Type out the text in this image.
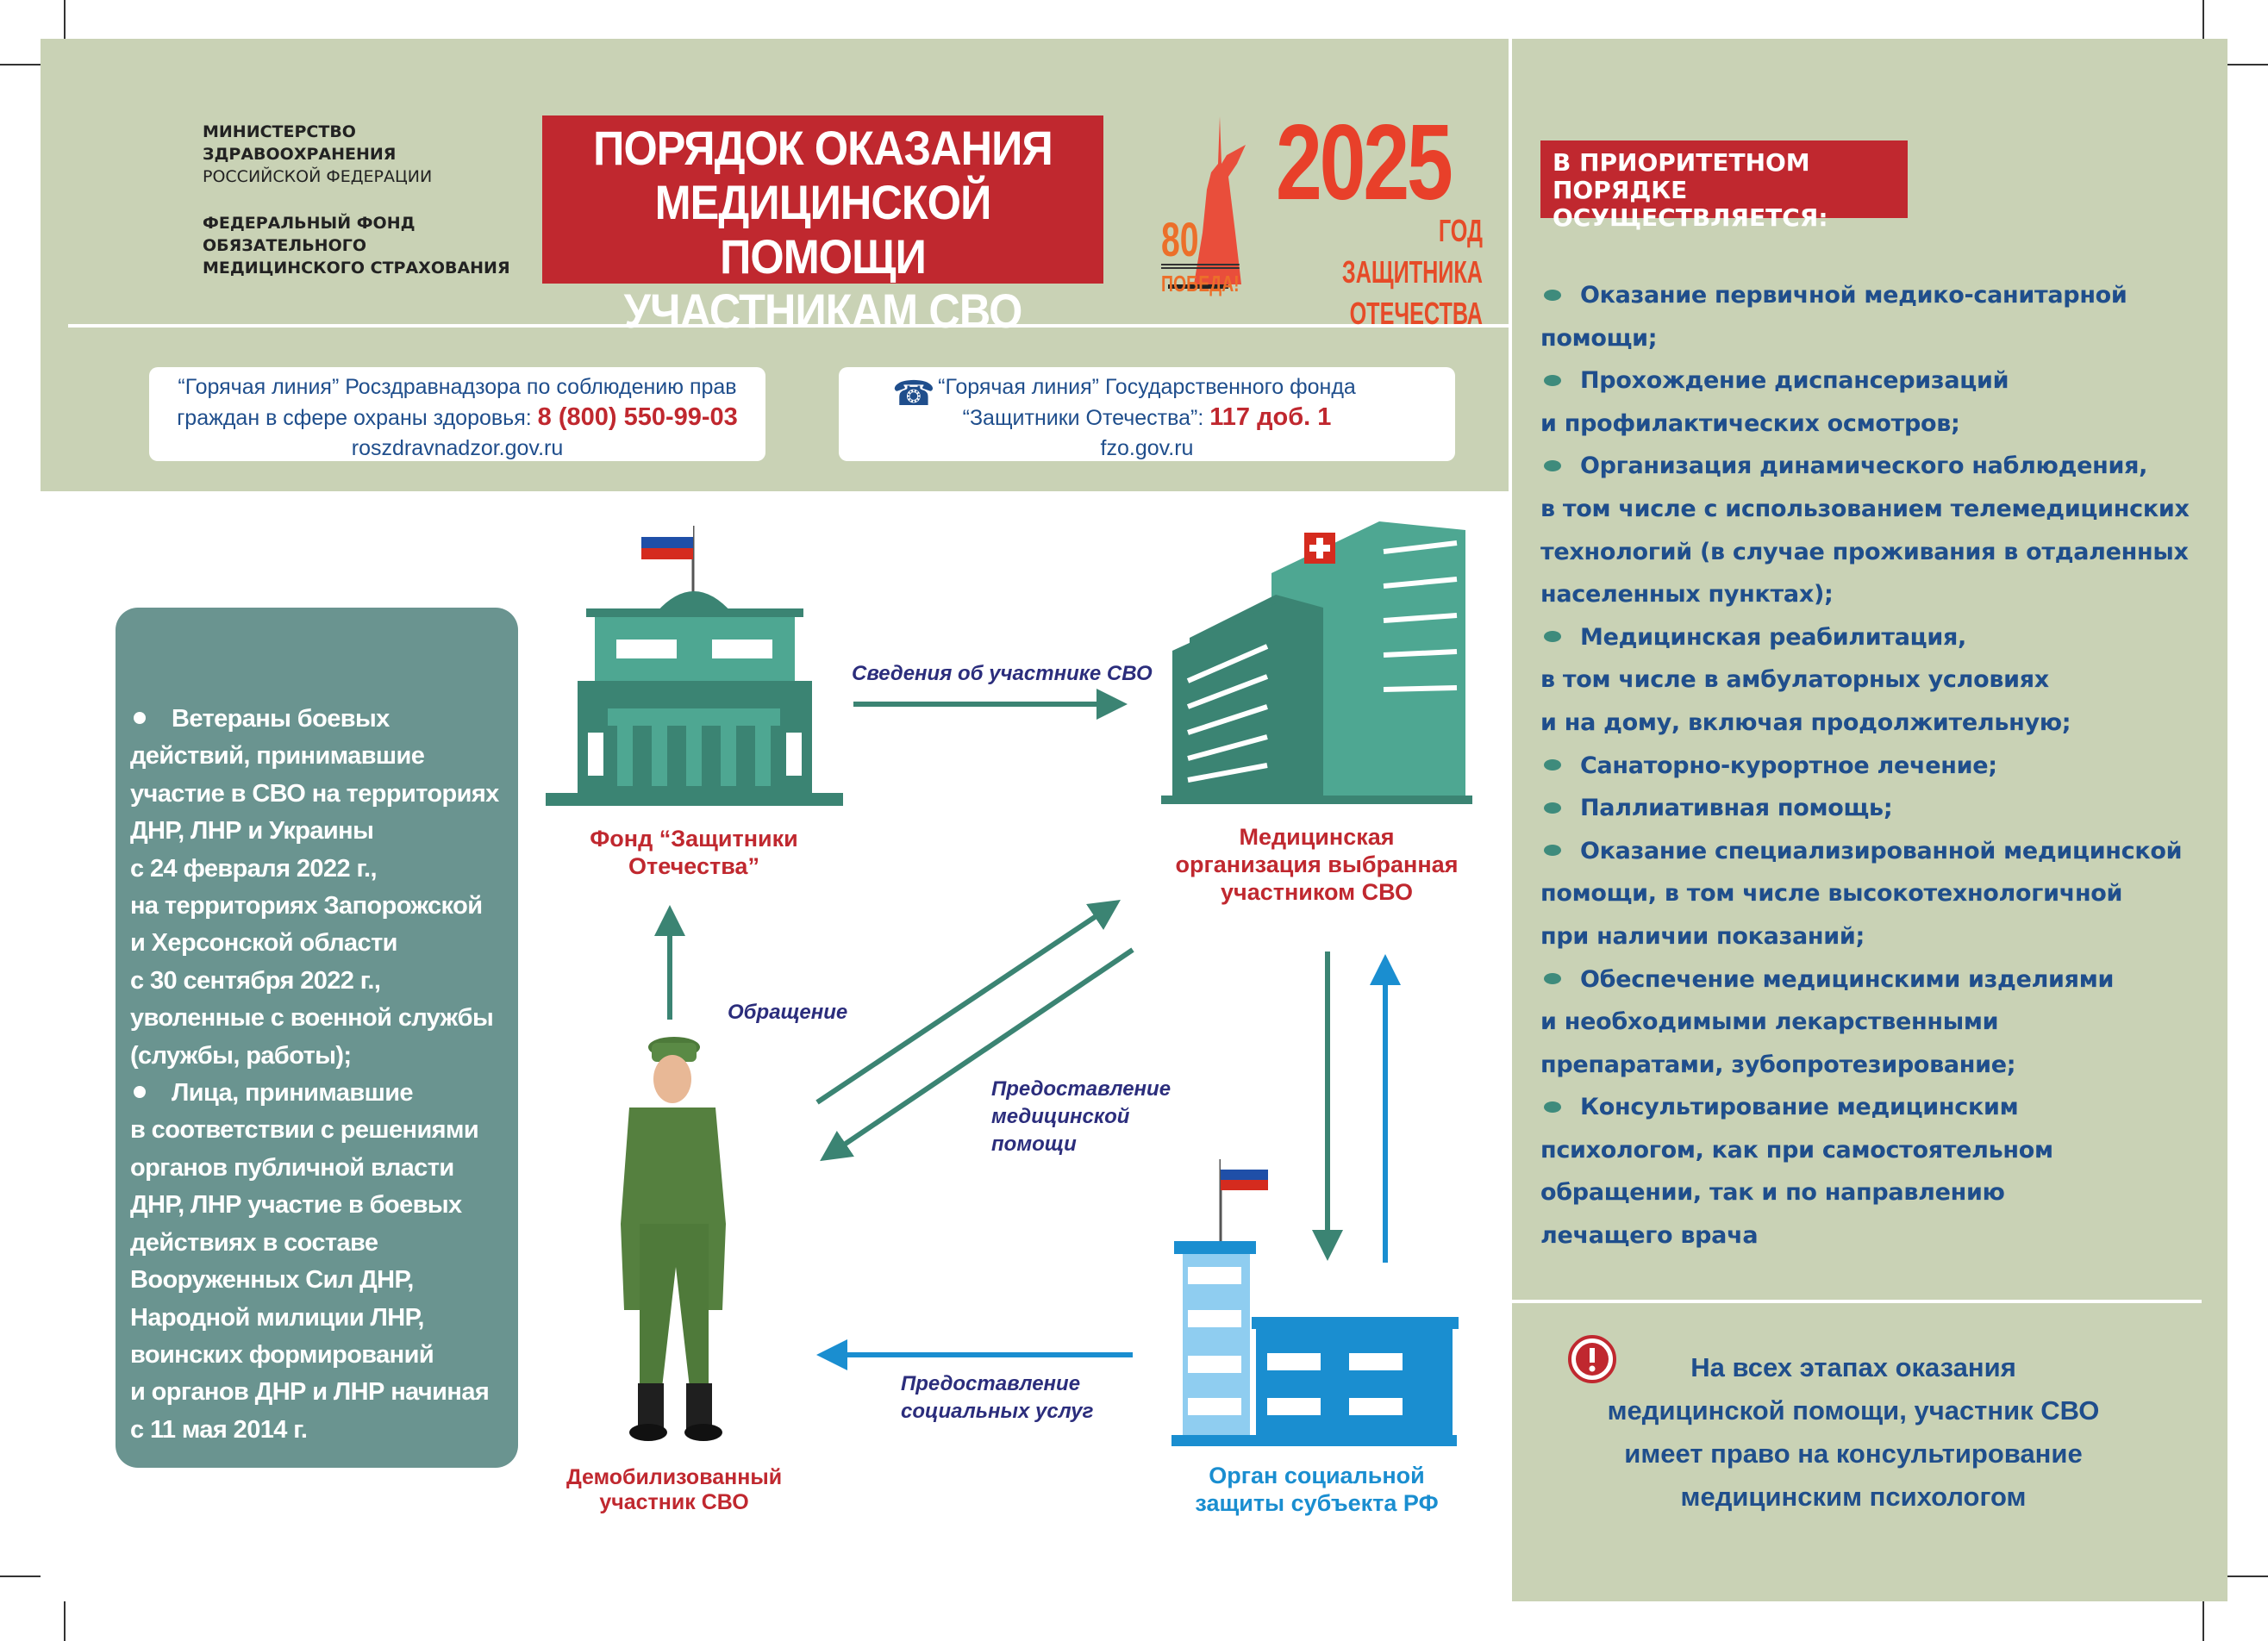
МИНИСТЕРСТВО
ЗДРАВООХРАНЕНИЯ
РОССИЙСКОЙ ФЕДЕРАЦИИ
ФЕДЕРАЛЬНЫЙ ФОНД
ОБЯЗАТЕЛЬНОГО
МЕДИЦИНСКОГО СТРАХОВАНИЯ
ПОРЯДОК ОКАЗАНИЯ
МЕДИЦИНСКОЙ ПОМОЩИ
УЧАСТНИКАМ СВО
80
ПОБЕДА!
2025
ГОД ЗАЩИТНИКА
ОТЕЧЕСТВА
“Горячая линия” Росздравнадзора по соблюдению прав
граждан в сфере охраны здоровья: 8 (800) 550-99-03
roszdravnadzor.gov.ru
☎ “Горячая линия” Государственного фонда
“Защитники Отечества”: 117 доб. 1
fzo.gov.ru
В ПРИОРИТЕТНОМ ПОРЯДКЕ
ОСУЩЕСТВЛЯЕТСЯ:
Оказание первичной медико-санитарной
помощи;
Прохождение диспансеризаций
и профилактических осмотров;
Организация динамического наблюдения,
в том числе с использованием телемедицинских
технологий (в случае проживания в отдаленных
населенных пунктах);
Медицинская реабилитация,
в том числе в амбулаторных условиях
и на дому, включая продолжительную;
Санаторно-курортное лечение;
Паллиативная помощь;
Оказание специализированной медицинской
помощи, в том числе высокотехнологичной
при наличии показаний;
Обеспечение медицинскими изделиями
и необходимыми лекарственными
препаратами, зубопротезирование;
Консультирование медицинским
психологом, как при самостоятельном
обращении, так и по направлению
лечащего врача
На всех этапах оказания
медицинской помощи, участник СВО
имеет право на консультирование
медицинским психологом
Ветераны боевых
действий, принимавшие
участие в СВО на территориях
ДНР, ЛНР и Украины
с 24 февраля 2022 г.,
на территориях Запорожской
и Херсонской области
с 30 сентября 2022 г.,
уволенные с военной службы
(службы, работы);
Лица, принимавшие
в соответствии с решениями
органов публичной власти
ДНР, ЛНР участие в боевых
действиях в составе
Вооруженных Сил ДНР,
Народной милиции ЛНР,
воинских формирований
и органов ДНР и ЛНР начиная
с 11 мая 2014 г.
Фонд “Защитники
Отечества”
Медицинская
организация выбранная
участником СВО
Орган социальной
защиты субъекта РФ
Демобилизованный
участник СВО
Сведения об участнике СВО
Обращение
Предоставление
медицинской
помощи
Предоставление
социальных услуг
